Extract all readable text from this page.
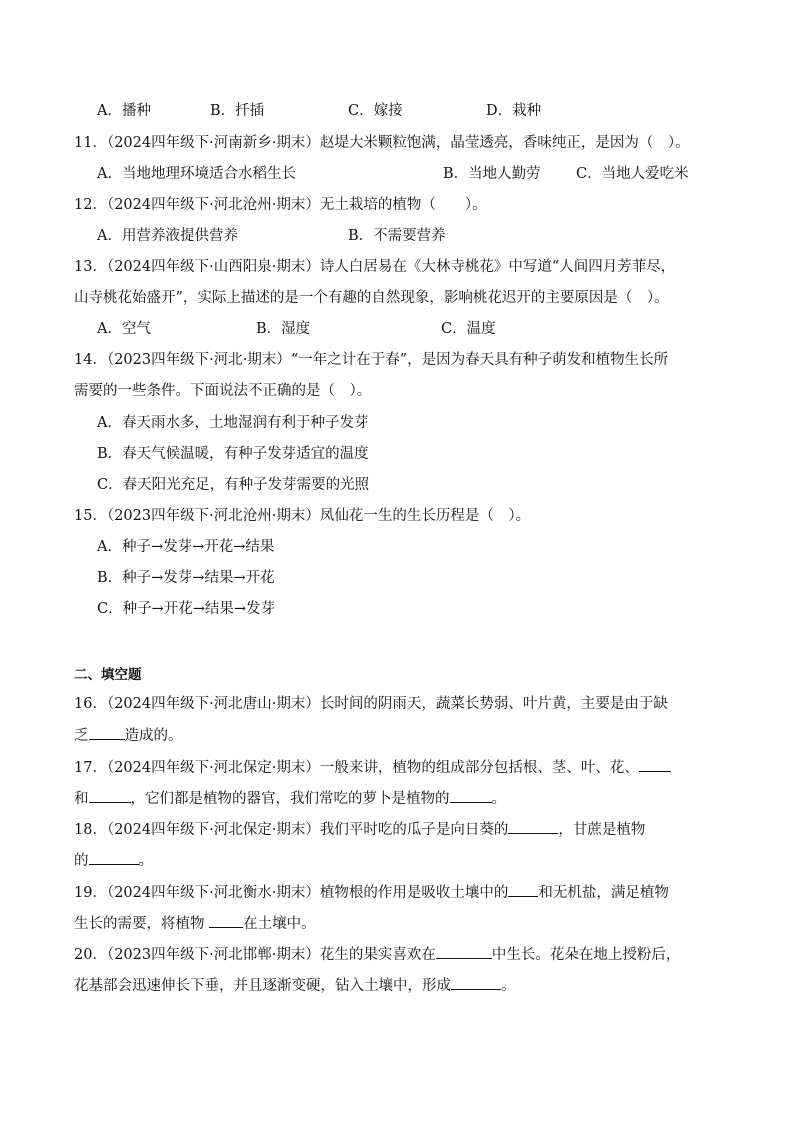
A．播种	B．扦插	C．嫁接	D．栽种
11．（2024四年级下·河南新乡·期末）赵堤大米颗粒饱满，晶莹透亮，香味纯正，是因为（　）。
A．当地地理环境适合水稻生长	B．当地人勤劳 C．当地人爱吃米
12．（2024四年级下·河北沧州·期末）无土栽培的植物（　　）。
A．用营养液提供营养	B．不需要营养
13．（2024四年级下·山西阳泉·期末）诗人白居易在《大林寺桃花》中写道“人间四月芳菲尽，
山寺桃花始盛开”，实际上描述的是一个有趣的自然现象，影响桃花迟开的主要原因是（　）。
A．空气	B．湿度	C．温度
14．（2023四年级下·河北·期末）“一年之计在于春”，是因为春天具有种子萌发和植物生长所
需要的一些条件。下面说法不正确的是（　）。
A．春天雨水多，土地湿润有利于种子发芽
B．春天气候温暖，有种子发芽适宜的温度
C．春天阳光充足，有种子发芽需要的光照
15．（2023四年级下·河北沧州·期末）凤仙花一生的生长历程是（　）。
A．种子→发芽→开花→结果
B．种子→发芽→结果→开花
C．种子→开花→结果→发芽
二、填空题
16．（2024四年级下·河北唐山·期末）长时间的阴雨天，蔬菜长势弱、叶片黄，主要是由于缺
乏 造成的。
17．（2024四年级下·河北保定·期末）一般来讲，植物的组成部分包括根、茎、叶、花、
和	，它们都是植物的器官，我们常吃的萝卜是植物的	。
18．（2024四年级下·河北保定·期末）我们平时吃的瓜子是向日葵的	，甘蔗是植物
的	。
19．（2024四年级下·河北衡水·期末）植物根的作用是吸收土壤中的 和无机盐，满足植物
生长的需要，将植物 在土壤中。
20．（2023四年级下·河北邯郸·期末）花生的果实喜欢在	中生长。花朵在地上授粉后，
花基部会迅速伸长下垂，并且逐渐变硬，钻入土壤中，形成	。
